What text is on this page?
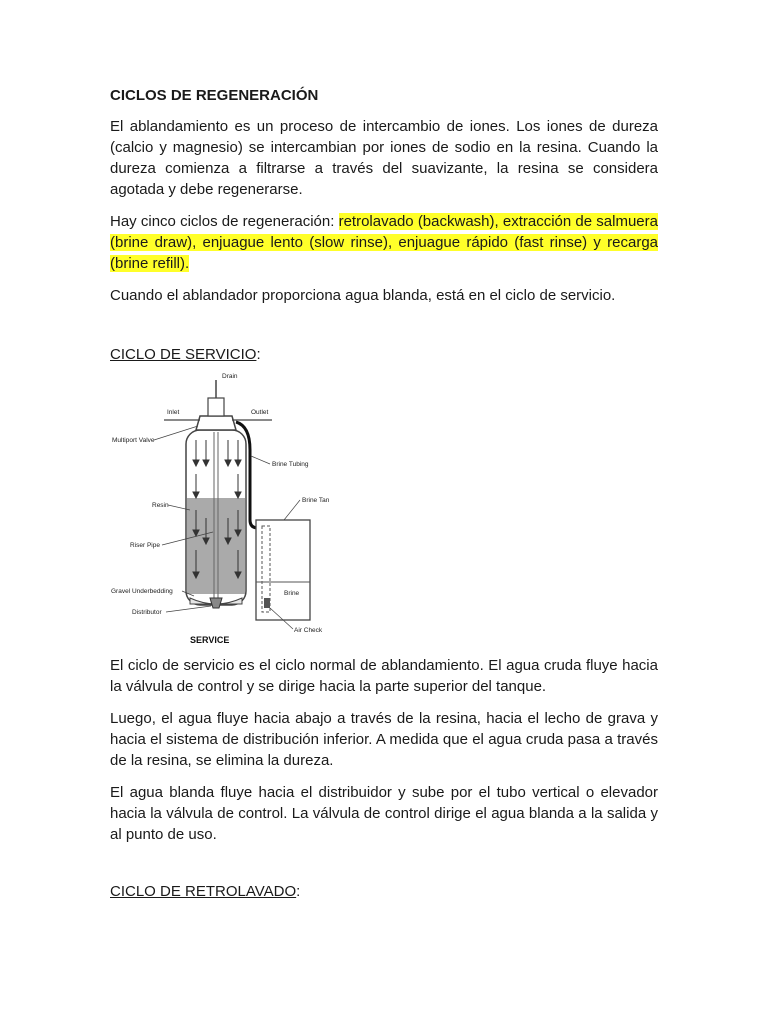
CICLOS DE REGENERACIÓN

El ablandamiento es un proceso de intercambio de iones. Los iones de dureza (calcio y magnesio) se intercambian por iones de sodio en la resina. Cuando la dureza comienza a filtrarse a través del suavizante, la resina se considera agotada y debe regenerarse.

Hay cinco ciclos de regeneración: retrolavado (backwash), extracción de salmuera (brine draw), enjuague lento (slow rinse), enjuague rápido (fast rinse) y recarga (brine refill).

Cuando el ablandador proporciona agua blanda, está en el ciclo de servicio.

CICLO DE SERVICIO:
Drain
Inlet	Outlet
Multiport Valve
Brine Tubing
Brine Tan
Resin
Riser Pipe
Gravel Underbedding
Distributor
Brine
Air Check
SERVICE

El ciclo de servicio es el ciclo normal de ablandamiento. El agua cruda fluye hacia la válvula de control y se dirige hacia la parte superior del tanque.

Luego, el agua fluye hacia abajo a través de la resina, hacia el lecho de grava y hacia el sistema de distribución inferior. A medida que el agua cruda pasa a través de la resina, se elimina la dureza.

El agua blanda fluye hacia el distribuidor y sube por el tubo vertical o elevador hacia la válvula de control. La válvula de control dirige el agua blanda a la salida y al punto de uso.

CICLO DE RETROLAVADO:
